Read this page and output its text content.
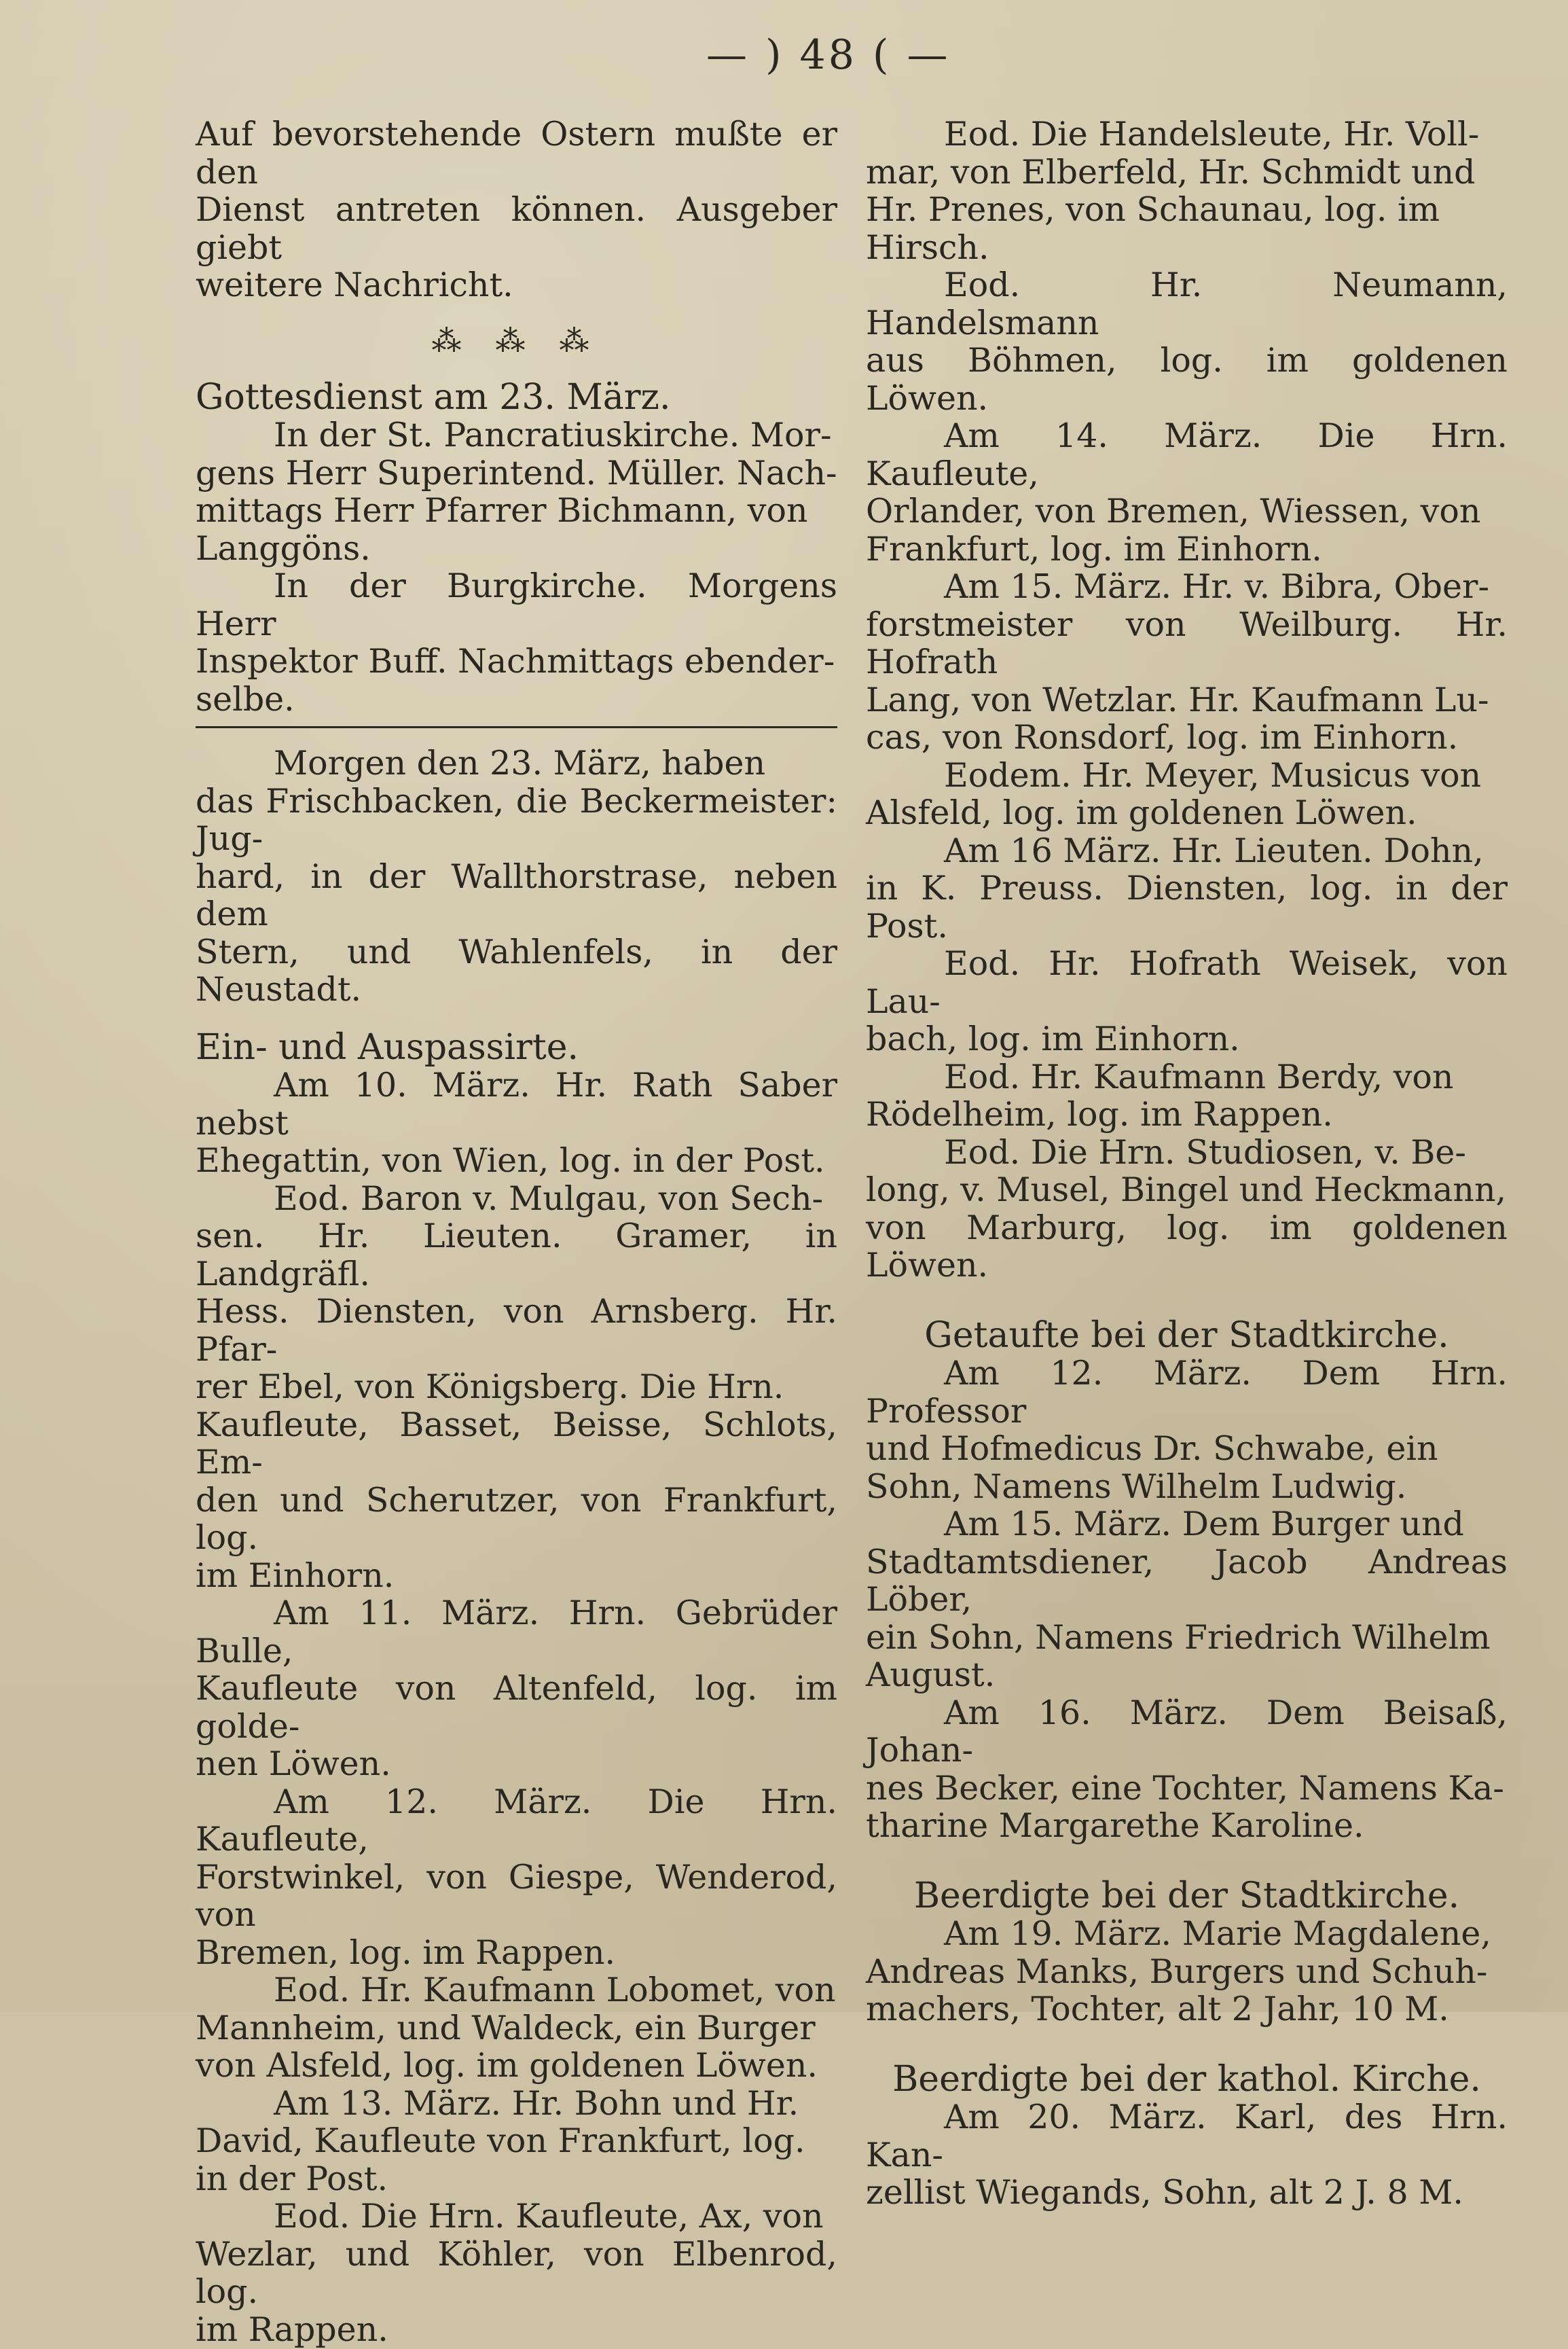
— ) 48 ( —

Auf bevorstehende Ostern mußte er den
Dienst antreten können. Ausgeber giebt
weitere Nachricht.

⁂ ⁂ ⁂
Gottesdienst am 23. März.

In der St. Pancratiuskirche. Mor-
gens Herr Superintend. Müller. Nach-
mittags Herr Pfarrer Bichmann, von
Langgöns.

In der Burgkirche. Morgens Herr
Inspektor Buff. Nachmittags ebender-
selbe.

Morgen den 23. März, haben
das Frischbacken, die Beckermeister: Jug-
hard, in der Wallthorstrase, neben dem
Stern, und Wahlenfels, in der Neustadt.

Ein- und Auspassirte.

Am 10. März. Hr. Rath Saber nebst
Ehegattin, von Wien, log. in der Post.

Eod. Baron v. Mulgau, von Sech-
sen. Hr. Lieuten. Gramer, in Landgräfl.
Hess. Diensten, von Arnsberg. Hr. Pfar-
rer Ebel, von Königsberg. Die Hrn.
Kaufleute, Basset, Beisse, Schlots, Em-
den und Scherutzer, von Frankfurt, log.
im Einhorn.

Am 11. März. Hrn. Gebrüder Bulle,
Kaufleute von Altenfeld, log. im golde-
nen Löwen.

Am 12. März. Die Hrn. Kaufleute,
Forstwinkel, von Giespe, Wenderod, von
Bremen, log. im Rappen.

Eod. Hr. Kaufmann Lobomet, von
Mannheim, und Waldeck, ein Burger
von Alsfeld, log. im goldenen Löwen.

Am 13. März. Hr. Bohn und Hr.
David, Kaufleute von Frankfurt, log.
in der Post.

Eod. Die Hrn. Kaufleute, Ax, von
Wezlar, und Köhler, von Elbenrod, log.
im Rappen.

Eod. Die Handelsleute, Hr. Voll-
mar, von Elberfeld, Hr. Schmidt und
Hr. Prenes, von Schaunau, log. im
Hirsch.

Eod. Hr. Neumann, Handelsmann
aus Böhmen, log. im goldenen Löwen.

Am 14. März. Die Hrn. Kaufleute,
Orlander, von Bremen, Wiessen, von
Frankfurt, log. im Einhorn.

Am 15. März. Hr. v. Bibra, Ober-
forstmeister von Weilburg. Hr. Hofrath
Lang, von Wetzlar. Hr. Kaufmann Lu-
cas, von Ronsdorf, log. im Einhorn.

Eodem. Hr. Meyer, Musicus von
Alsfeld, log. im goldenen Löwen.

Am 16 März. Hr. Lieuten. Dohn,
in K. Preuss. Diensten, log. in der Post.

Eod. Hr. Hofrath Weisek, von Lau-
bach, log. im Einhorn.

Eod. Hr. Kaufmann Berdy, von
Rödelheim, log. im Rappen.

Eod. Die Hrn. Studiosen, v. Be-
long, v. Musel, Bingel und Heckmann,
von Marburg, log. im goldenen Löwen.

Getaufte bei der Stadtkirche.

Am 12. März. Dem Hrn. Professor
und Hofmedicus Dr. Schwabe, ein
Sohn, Namens Wilhelm Ludwig.

Am 15. März. Dem Burger und
Stadtamtsdiener, Jacob Andreas Löber,
ein Sohn, Namens Friedrich Wilhelm
August.

Am 16. März. Dem Beisaß, Johan-
nes Becker, eine Tochter, Namens Ka-
tharine Margarethe Karoline.

Beerdigte bei der Stadtkirche.

Am 19. März. Marie Magdalene,
Andreas Manks, Burgers und Schuh-
machers, Tochter, alt 2 Jahr, 10 M.

Beerdigte bei der kathol. Kirche.

Am 20. März. Karl, des Hrn. Kan-
zellist Wiegands, Sohn, alt 2 J. 8 M.
